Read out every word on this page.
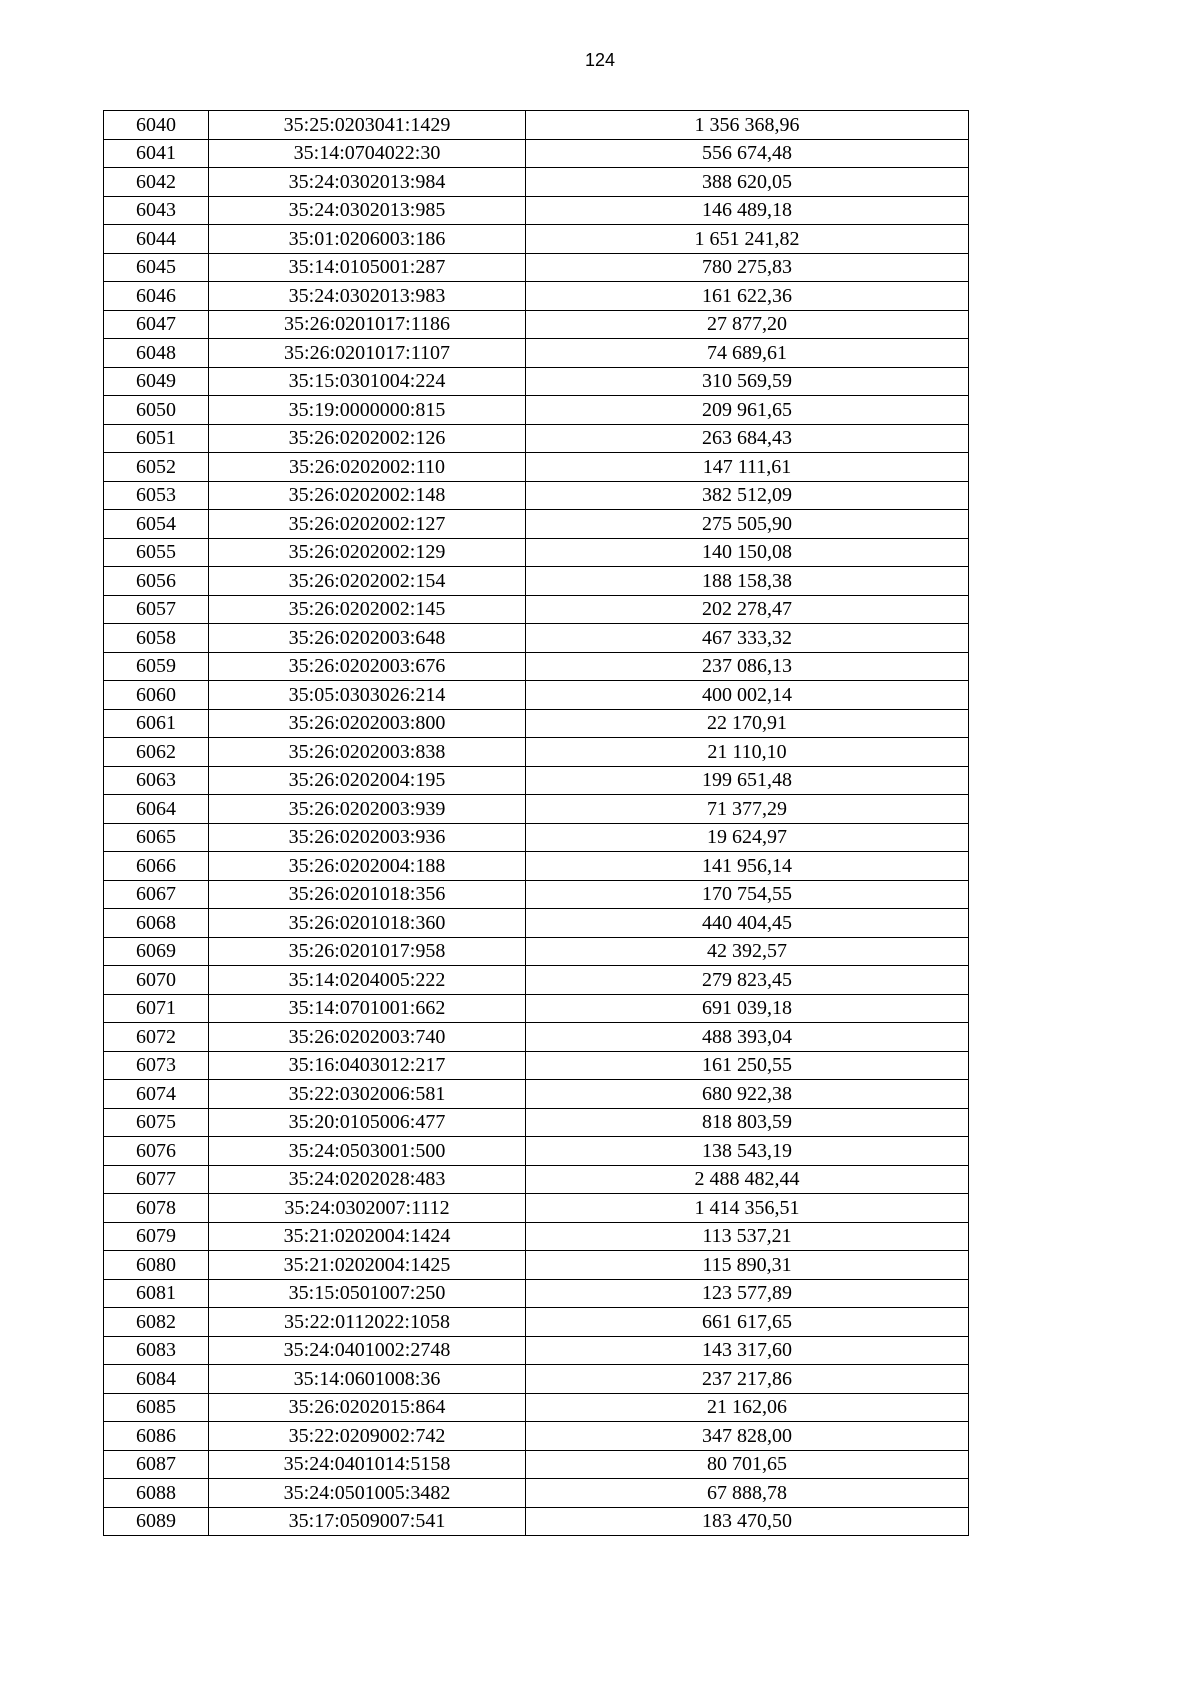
124
6040	35:25:0203041:1429	1 356 368,96
6041	35:14:0704022:30	556 674,48
6042	35:24:0302013:984	388 620,05
6043	35:24:0302013:985	146 489,18
6044	35:01:0206003:186	1 651 241,82
6045	35:14:0105001:287	780 275,83
6046	35:24:0302013:983	161 622,36
6047	35:26:0201017:1186	27 877,20
6048	35:26:0201017:1107	74 689,61
6049	35:15:0301004:224	310 569,59
6050	35:19:0000000:815	209 961,65
6051	35:26:0202002:126	263 684,43
6052	35:26:0202002:110	147 111,61
6053	35:26:0202002:148	382 512,09
6054	35:26:0202002:127	275 505,90
6055	35:26:0202002:129	140 150,08
6056	35:26:0202002:154	188 158,38
6057	35:26:0202002:145	202 278,47
6058	35:26:0202003:648	467 333,32
6059	35:26:0202003:676	237 086,13
6060	35:05:0303026:214	400 002,14
6061	35:26:0202003:800	22 170,91
6062	35:26:0202003:838	21 110,10
6063	35:26:0202004:195	199 651,48
6064	35:26:0202003:939	71 377,29
6065	35:26:0202003:936	19 624,97
6066	35:26:0202004:188	141 956,14
6067	35:26:0201018:356	170 754,55
6068	35:26:0201018:360	440 404,45
6069	35:26:0201017:958	42 392,57
6070	35:14:0204005:222	279 823,45
6071	35:14:0701001:662	691 039,18
6072	35:26:0202003:740	488 393,04
6073	35:16:0403012:217	161 250,55
6074	35:22:0302006:581	680 922,38
6075	35:20:0105006:477	818 803,59
6076	35:24:0503001:500	138 543,19
6077	35:24:0202028:483	2 488 482,44
6078	35:24:0302007:1112	1 414 356,51
6079	35:21:0202004:1424	113 537,21
6080	35:21:0202004:1425	115 890,31
6081	35:15:0501007:250	123 577,89
6082	35:22:0112022:1058	661 617,65
6083	35:24:0401002:2748	143 317,60
6084	35:14:0601008:36	237 217,86
6085	35:26:0202015:864	21 162,06
6086	35:22:0209002:742	347 828,00
6087	35:24:0401014:5158	80 701,65
6088	35:24:0501005:3482	67 888,78
6089	35:17:0509007:541	183 470,50
